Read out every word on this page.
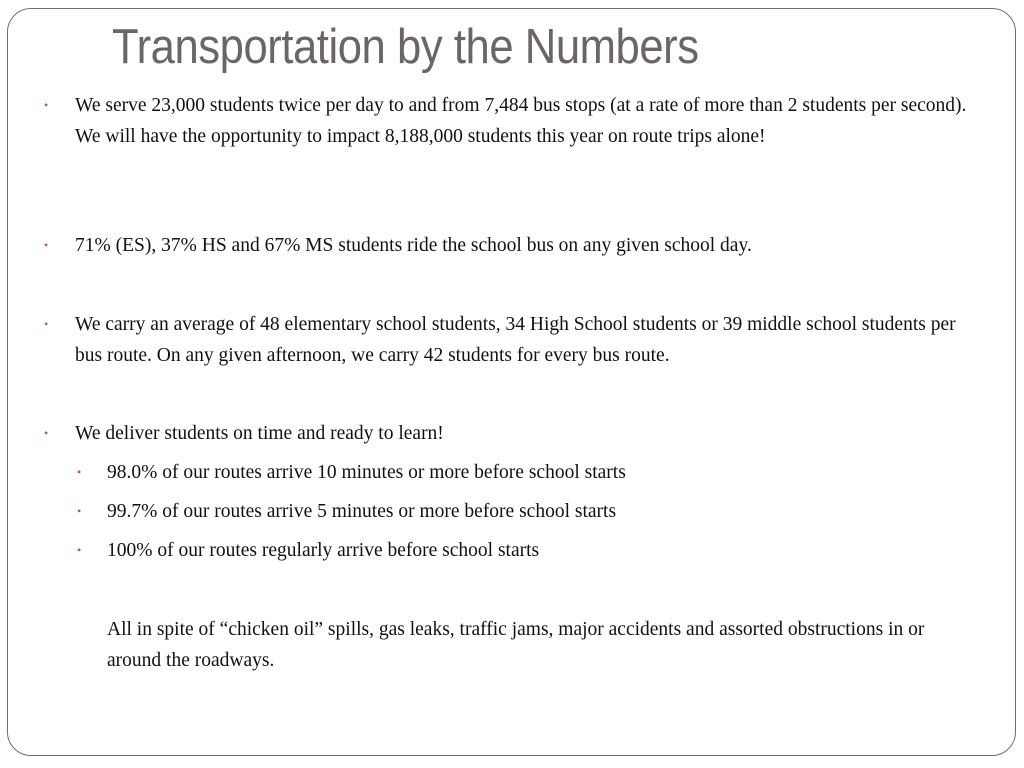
Transportation by the Numbers
• We serve 23,000 students twice per day to and from 7,484 bus stops (at a rate of more than 2 students per second). We will have the opportunity to impact 8,188,000 students this year on route trips alone!
• 71% (ES), 37% HS and 67% MS students ride the school bus on any given school day.
• We carry an average of 48 elementary school students, 34 High School students or 39 middle school students per bus route. On any given afternoon, we carry 42 students for every bus route.
• We deliver students on time and ready to learn!
• 98.0% of our routes arrive 10 minutes or more before school starts
• 99.7% of our routes arrive 5 minutes or more before school starts
• 100% of our routes regularly arrive before school starts
All in spite of “chicken oil” spills, gas leaks, traffic jams, major accidents and assorted obstructions in or around the roadways.
